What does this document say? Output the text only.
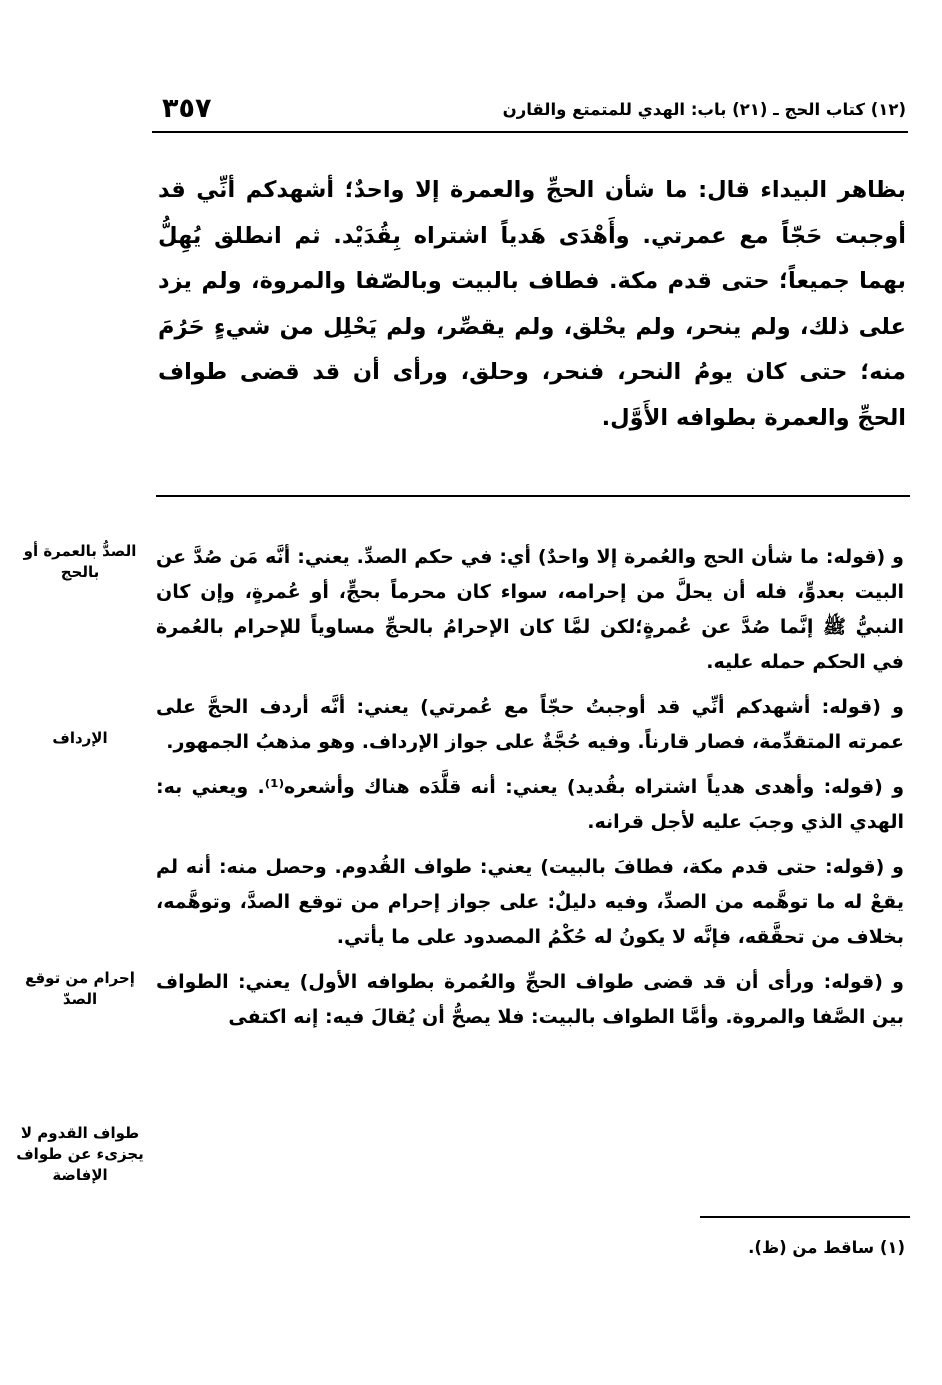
٣٥٧	(١٢) كتاب الحج ـ (٢١) باب: الهدي للمتمتع والقارن
بظاهر البيداء قال: ما شأن الحجِّ والعمرة إلا واحدٌ؛ أشهدكم أنِّي قد أوجبت حَجّاً مع عمرتي. وأَهْدَى هَدياً اشتراه بِقُدَيْد. ثم انطلق يُهِلُّ بهما جميعاً؛ حتى قدم مكة. فطاف بالبيت وبالصّفا والمروة، ولم يزد على ذلك، ولم ينحر، ولم يحْلق، ولم يقصِّر، ولم يَحْلِل من شيءٍ حَرُمَ منه؛ حتى كان يومُ النحر، فنحر، وحلق، ورأى أن قد قضى طواف الحجِّ والعمرة بطوافه الأَوَّل.

و (قوله: ما شأن الحج والعُمرة إلا واحدٌ) أي: في حكم الصدِّ. يعني: أنَّه مَن صُدَّ عن البيت بعدوٍّ، فله أن يحلَّ من إحرامه، سواء كان محرماً بحجٍّ، أو عُمرةٍ، وإن كان النبيُّ ﷺ إنَّما صُدَّ عن عُمرةٍ؛لكن لمَّا كان الإحرامُ بالحجِّ مساوياً للإحرام بالعُمرة في الحكم حمله عليه.

و (قوله: أشهدكم أنِّي قد أوجبتُ حجّاً مع عُمرتي) يعني: أنَّه أردف الحجَّ على عمرته المتقدِّمة، فصار قارناً. وفيه حُجَّةٌ على جواز الإرداف. وهو مذهبُ الجمهور.

و (قوله: وأهدى هدياً اشتراه بقُديد) يعني: أنه قلَّدَه هناك وأشعره⁽¹⁾. ويعني به: الهدي الذي وجبَ عليه لأجل قرانه.

و (قوله: حتى قدم مكة، فطافَ بالبيت) يعني: طواف القُدوم. وحصل منه: أنه لم يقعْ له ما توهَّمه من الصدِّ، وفيه دليلٌ: على جواز إحرام من توقع الصدَّ، وتوهَّمه، بخلاف من تحقَّقه، فإنَّه لا يكونُ له حُكْمُ المصدود على ما يأتي.

و (قوله: ورأى أن قد قضى طواف الحجِّ والعُمرة بطوافه الأول) يعني: الطواف بين الصَّفا والمروة. وأمَّا الطواف بالبيت: فلا يصحُّ أن يُقالَ فيه: إنه اكتفى

الصدُّ بالعمرة أو بالحج
الإرداف
إحرام من توقع الصدّ
طواف القدوم لا يجزىء عن طواف الإفاضة
(١) ساقط من (ظ).
